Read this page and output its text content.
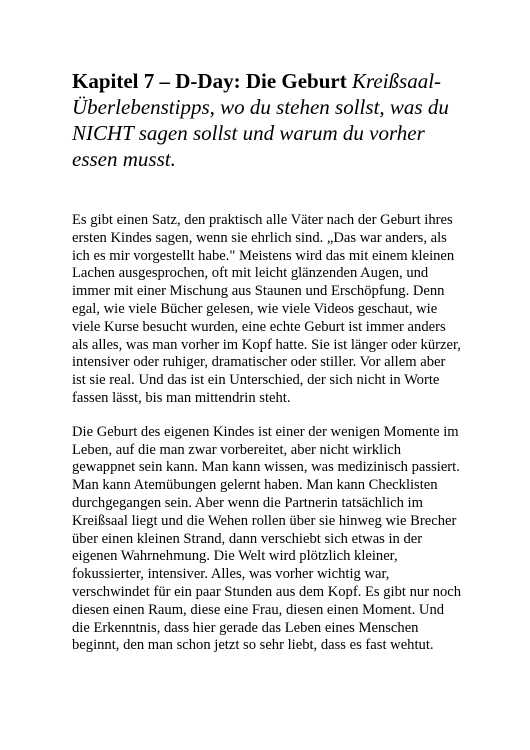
Kapitel 7 – D-Day: Die Geburt Kreißsaal-Überlebenstipps, wo du stehen sollst, was du NICHT sagen sollst und warum du vorher essen musst.

Es gibt einen Satz, den praktisch alle Väter nach der Geburt ihres ersten Kindes sagen, wenn sie ehrlich sind. „Das war anders, als ich es mir vorgestellt habe." Meistens wird das mit einem kleinen Lachen ausgesprochen, oft mit leicht glänzenden Augen, und immer mit einer Mischung aus Staunen und Erschöpfung. Denn egal, wie viele Bücher gelesen, wie viele Videos geschaut, wie viele Kurse besucht wurden, eine echte Geburt ist immer anders als alles, was man vorher im Kopf hatte. Sie ist länger oder kürzer, intensiver oder ruhiger, dramatischer oder stiller. Vor allem aber ist sie real. Und das ist ein Unterschied, der sich nicht in Worte fassen lässt, bis man mittendrin steht.

Die Geburt des eigenen Kindes ist einer der wenigen Momente im Leben, auf die man zwar vorbereitet, aber nicht wirklich gewappnet sein kann. Man kann wissen, was medizinisch passiert. Man kann Atemübungen gelernt haben. Man kann Checklisten durchgegangen sein. Aber wenn die Partnerin tatsächlich im Kreißsaal liegt und die Wehen rollen über sie hinweg wie Brecher über einen kleinen Strand, dann verschiebt sich etwas in der eigenen Wahrnehmung. Die Welt wird plötzlich kleiner, fokussierter, intensiver. Alles, was vorher wichtig war, verschwindet für ein paar Stunden aus dem Kopf. Es gibt nur noch diesen einen Raum, diese eine Frau, diesen einen Moment. Und die Erkenntnis, dass hier gerade das Leben eines Menschen beginnt, den man schon jetzt so sehr liebt, dass es fast wehtut.
